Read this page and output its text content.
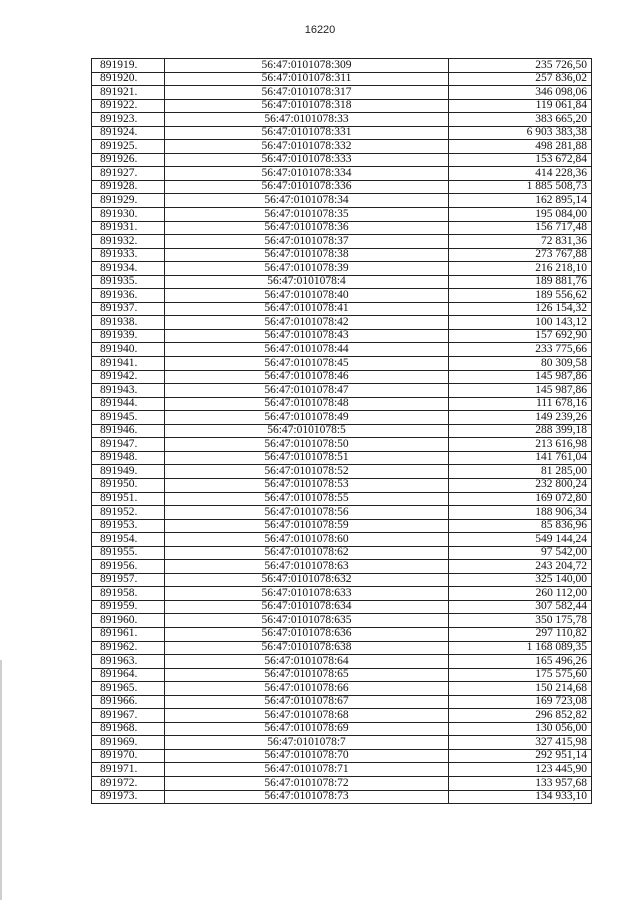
16220
891919.	56:47:0101078:309	235 726,50
891920.	56:47:0101078:311	257 836,02
891921.	56:47:0101078:317	346 098,06
891922.	56:47:0101078:318	119 061,84
891923.	56:47:0101078:33	383 665,20
891924.	56:47:0101078:331	6 903 383,38
891925.	56:47:0101078:332	498 281,88
891926.	56:47:0101078:333	153 672,84
891927.	56:47:0101078:334	414 228,36
891928.	56:47:0101078:336	1 885 508,73
891929.	56:47:0101078:34	162 895,14
891930.	56:47:0101078:35	195 084,00
891931.	56:47:0101078:36	156 717,48
891932.	56:47:0101078:37	72 831,36
891933.	56:47:0101078:38	273 767,88
891934.	56:47:0101078:39	216 218,10
891935.	56:47:0101078:4	189 881,76
891936.	56:47:0101078:40	189 556,62
891937.	56:47:0101078:41	126 154,32
891938.	56:47:0101078:42	100 143,12
891939.	56:47:0101078:43	157 692,90
891940.	56:47:0101078:44	233 775,66
891941.	56:47:0101078:45	80 309,58
891942.	56:47:0101078:46	145 987,86
891943.	56:47:0101078:47	145 987,86
891944.	56:47:0101078:48	111 678,16
891945.	56:47:0101078:49	149 239,26
891946.	56:47:0101078:5	288 399,18
891947.	56:47:0101078:50	213 616,98
891948.	56:47:0101078:51	141 761,04
891949.	56:47:0101078:52	81 285,00
891950.	56:47:0101078:53	232 800,24
891951.	56:47:0101078:55	169 072,80
891952.	56:47:0101078:56	188 906,34
891953.	56:47:0101078:59	85 836,96
891954.	56:47:0101078:60	549 144,24
891955.	56:47:0101078:62	97 542,00
891956.	56:47:0101078:63	243 204,72
891957.	56:47:0101078:632	325 140,00
891958.	56:47:0101078:633	260 112,00
891959.	56:47:0101078:634	307 582,44
891960.	56:47:0101078:635	350 175,78
891961.	56:47:0101078:636	297 110,82
891962.	56:47:0101078:638	1 168 089,35
891963.	56:47:0101078:64	165 496,26
891964.	56:47:0101078:65	175 575,60
891965.	56:47:0101078:66	150 214,68
891966.	56:47:0101078:67	169 723,08
891967.	56:47:0101078:68	296 852,82
891968.	56:47:0101078:69	130 056,00
891969.	56:47:0101078:7	327 415,98
891970.	56:47:0101078:70	292 951,14
891971.	56:47:0101078:71	123 445,90
891972.	56:47:0101078:72	133 957,68
891973.	56:47:0101078:73	134 933,10
